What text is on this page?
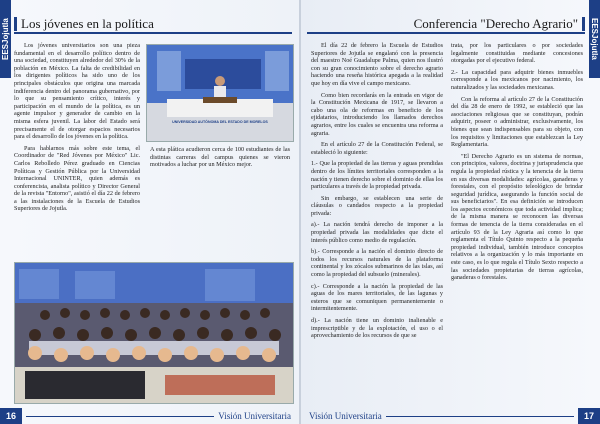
EESJojutla Los jóvenes en la política

Los jóvenes universitarios son una pieza fundamental en el desarrollo político dentro de una sociedad, constituyen alrededor del 30% de la población en México. La falta de credibilidad en los dirigentes políticos ha sido uno de los principales obstáculos que origina una marcada indiferencia dentro del panorama gubernativo, por lo que su pensamiento crítico, interés y participación en el mundo de la política, es un agente impulsor y generador de cambio en la misma esfera juvenil. La labor del Estado será precisamente el de otorgar espacios necesarios para el desarrollo de los jóvenes en la política.

Para hablarnos más sobre este tema, el Coordinador de "Red Jóvenes por México" Lic. Carlos Rebolledo Pérez graduado en Ciencias Políticas y Gestión Pública por la Universidad Internacional UNINTER, quien además es conferencista, analista político y Director General de la revista "Entorno", asistió el día 22 de febrero a las instalaciones de la Escuela de Estudios Superiores de Jojutla.

UNIVERSIDAD AUTÓNOMA DEL ESTADO DE MORELOS
A esta plática acudieron cerca de 100 estudiantes de las distintas carreras del campus quienes se vieron motivados a luchar por un México mejor.
16	Visión Universitaria
EESJojutla
Conferencia "Derecho Agrario"

El día 22 de febrero la Escuela de Estudios Superiores de Jojutla se engalanó con la presencia del maestro Noé Guadalupe Palma, quien nos ilustró con su gran conocimiento sobre el derecho agrario haciendo una reseña histórica apegada a la realidad que hoy en día vive el campo mexicano.

Como bien recordarás en la entrada en vigor de la Constitución Mexicana de 1917, se llevaron a cabo una ola de reformas en beneficio de los ejidatarios, introduciendo los llamados derechos agrarios, entre los cuales se encuentra una reforma a agraria.

En el artículo 27 de la Constitución Federal, se estableció lo siguiente:

1.- Que la propiedad de las tierras y aguas prendidas dentro de los límites territoriales corresponden a la nación y tienen derecho sobre el dominio de ellas los particulares a través de la propiedad privada.

Sin embargo, se establecen una serie de cláusulas o candados respecto a la propiedad privada:

a).- La nación tendrá derecho de imponer a la propiedad privada las modalidades que dicte el interés público como medio de regulación.

b).- Corresponde a la nación el dominio directo de todos los recursos naturales de la plataforma continental y los zócalos submarinos de las islas, así como la propiedad del subsuelo (minerales).

c).- Corresponde a la nación la propiedad de las aguas de los mares territoriales, de las lagunas y esteros que se comuniquen permanentemente o intermitentemente.

d).- La nación tiene un dominio inalienable e imprescriptible y de la explotación, el uso o el aprovechamiento de los recursos de que se

trata, por los particulares o por sociedades legalmente constituidas mediante concesiones otorgadas por el ejecutivo federal.

2.- La capacidad para adquirir bienes inmuebles corresponde a los mexicanos por nacimiento, los naturalizados y las sociedades mexicanas.

Con la reforma al artículo 27 de la Constitución del día 28 de enero de 1992, se estableció que las asociaciones religiosas que se constituyan, podrán adquirir, poseer o administrar, exclusivamente, los bienes que sean indispensables para su objeto, con los requisitos y limitaciones que establezcan la Ley Reglamentaria.

"El Derecho Agrario es un sistema de normas, con principios, valores, doctrina y jurisprudencia que regula la propiedad rústica y la tenencia de la tierra en sus diversas modalidades: agrícolas, ganaderas y forestales, con el propósito teleológico de brindar seguridad jurídica, asegurando la función social de sus beneficiarios". En esa definición se introducen los aspectos económicos que toda actividad implica; de la misma manera se reconocen las diversas formas de tenencia de la tierra consideradas en el artículo 93 de la Ley Agraria así como lo que reglamenta el Título Quinto respecto a la pequeña propiedad individual, también introduce conceptos relativos a la organización y lo más importante en este caso, es lo que regula el Título Sexto respecto a las sociedades propietarias de tierras agrícolas, ganaderas o forestales.

Visión Universitaria	17
